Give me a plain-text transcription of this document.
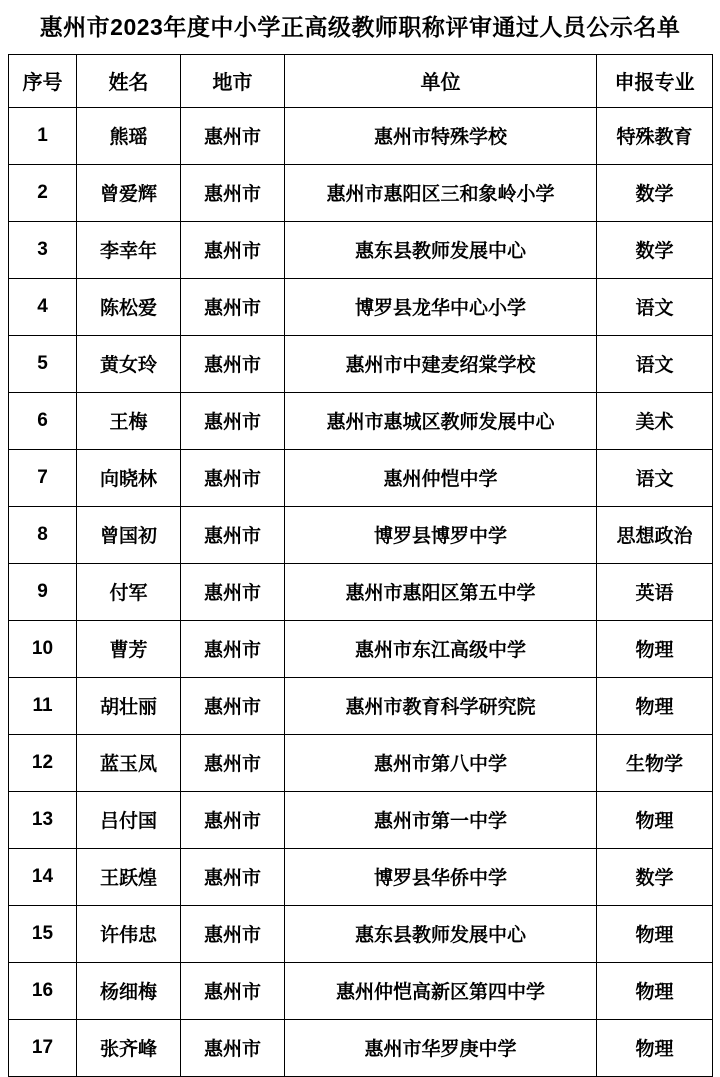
惠州市2023年度中小学正高级教师职称评审通过人员公示名单
序号	姓名	地市	单位	申报专业
1	熊瑶	惠州市	惠州市特殊学校	特殊教育
2	曾爱辉	惠州市	惠州市惠阳区三和象岭小学	数学
3	李幸年	惠州市	惠东县教师发展中心	数学
4	陈松爱	惠州市	博罗县龙华中心小学	语文
5	黄女玲	惠州市	惠州市中建麦绍棠学校	语文
6	王梅	惠州市	惠州市惠城区教师发展中心	美术
7	向晓林	惠州市	惠州仲恺中学	语文
8	曾国初	惠州市	博罗县博罗中学	思想政治
9	付军	惠州市	惠州市惠阳区第五中学	英语
10	曹芳	惠州市	惠州市东江高级中学	物理
11	胡壮丽	惠州市	惠州市教育科学研究院	物理
12	蓝玉凤	惠州市	惠州市第八中学	生物学
13	吕付国	惠州市	惠州市第一中学	物理
14	王跃煌	惠州市	博罗县华侨中学	数学
15	许伟忠	惠州市	惠东县教师发展中心	物理
16	杨细梅	惠州市	惠州仲恺高新区第四中学	物理
17	张齐峰	惠州市	惠州市华罗庚中学	物理
